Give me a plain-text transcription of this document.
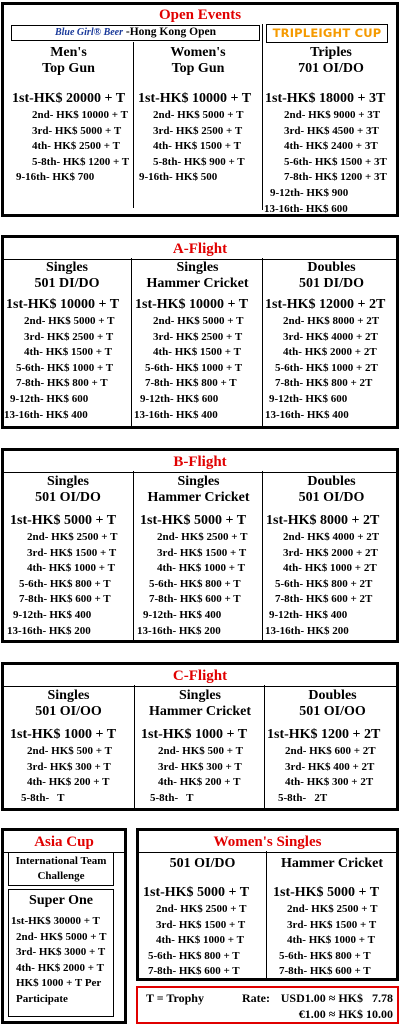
Open Events
Blue Girl® Beer -Hong Kong Open	TRIPLEIGHT CUP
Men's
Top Gun
1st-HK$ 20000 + T
2nd- HK$ 10000 + T
3rd- HK$ 5000 + T
4th- HK$ 2500 + T
5-8th- HK$ 1200 + T
9-16th- HK$ 700
Women's
Top Gun
1st-HK$ 10000 + T
2nd- HK$ 5000 + T
3rd- HK$ 2500 + T
4th- HK$ 1500 + T
5-8th- HK$ 900 + T
9-16th- HK$ 500
Triples
701 OI/DO
1st-HK$ 18000 + 3T
2nd- HK$ 9000 + 3T
3rd- HK$ 4500 + 3T
4th- HK$ 2400 + 3T
5-6th- HK$ 1500 + 3T
7-8th- HK$ 1200 + 3T
9-12th- HK$ 900
13-16th- HK$ 600
A-Flight
Singles
501 DI/DO
1st-HK$ 10000 + T
2nd- HK$ 5000 + T
3rd- HK$ 2500 + T
4th- HK$ 1500 + T
5-6th- HK$ 1000 + T
7-8th- HK$ 800 + T
9-12th- HK$ 600
13-16th- HK$ 400
Singles
Hammer Cricket
1st-HK$ 10000 + T
2nd- HK$ 5000 + T
3rd- HK$ 2500 + T
4th- HK$ 1500 + T
5-6th- HK$ 1000 + T
7-8th- HK$ 800 + T
9-12th- HK$ 600
13-16th- HK$ 400
Doubles
501 DI/DO
1st-HK$ 12000 + 2T
2nd- HK$ 8000 + 2T
3rd- HK$ 4000 + 2T
4th- HK$ 2000 + 2T
5-6th- HK$ 1000 + 2T
7-8th- HK$ 800 + 2T
9-12th- HK$ 600
13-16th- HK$ 400
B-Flight
Singles
501 OI/DO
1st-HK$ 5000 + T
2nd- HK$ 2500 + T
3rd- HK$ 1500 + T
4th- HK$ 1000 + T
5-6th- HK$ 800 + T
7-8th- HK$ 600 + T
9-12th- HK$ 400
13-16th- HK$ 200
Singles
Hammer Cricket
1st-HK$ 5000 + T
2nd- HK$ 2500 + T
3rd- HK$ 1500 + T
4th- HK$ 1000 + T
5-6th- HK$ 800 + T
7-8th- HK$ 600 + T
9-12th- HK$ 400
13-16th- HK$ 200
Doubles
501 OI/DO
1st-HK$ 8000 + 2T
2nd- HK$ 4000 + 2T
3rd- HK$ 2000 + 2T
4th- HK$ 1000 + 2T
5-6th- HK$ 800 + 2T
7-8th- HK$ 600 + 2T
9-12th- HK$ 400
13-16th- HK$ 200
C-Flight
Singles
501 OI/OO
1st-HK$ 1000 + T
2nd- HK$ 500 + T
3rd- HK$ 300 + T
4th- HK$ 200 + T
5-8th-   T
Singles
Hammer Cricket
1st-HK$ 1000 + T
2nd- HK$ 500 + T
3rd- HK$ 300 + T
4th- HK$ 200 + T
5-8th-   T
Doubles
501 OI/OO
1st-HK$ 1200 + 2T
2nd- HK$ 600 + 2T
3rd- HK$ 400 + 2T
4th- HK$ 300 + 2T
5-8th-   2T
Asia Cup
International Team
Challenge
Super One
1st-HK$ 30000 + T
2nd- HK$ 5000 + T
3rd- HK$ 3000 + T
4th- HK$ 2000 + T
HK$ 1000 + T Per
Participate
Women's Singles
501 OI/DO
1st-HK$ 5000 + T
2nd- HK$ 2500 + T
3rd- HK$ 1500 + T
4th- HK$ 1000 + T
5-6th- HK$ 800 + T
7-8th- HK$ 600 + T
Hammer Cricket
1st-HK$ 5000 + T
2nd- HK$ 2500 + T
3rd- HK$ 1500 + T
4th- HK$ 1000 + T
5-6th- HK$ 800 + T
7-8th- HK$ 600 + T
T = Trophy	Rate: USD1.00 ≈ HK$   7.78
€1.00 ≈ HK$ 10.00
